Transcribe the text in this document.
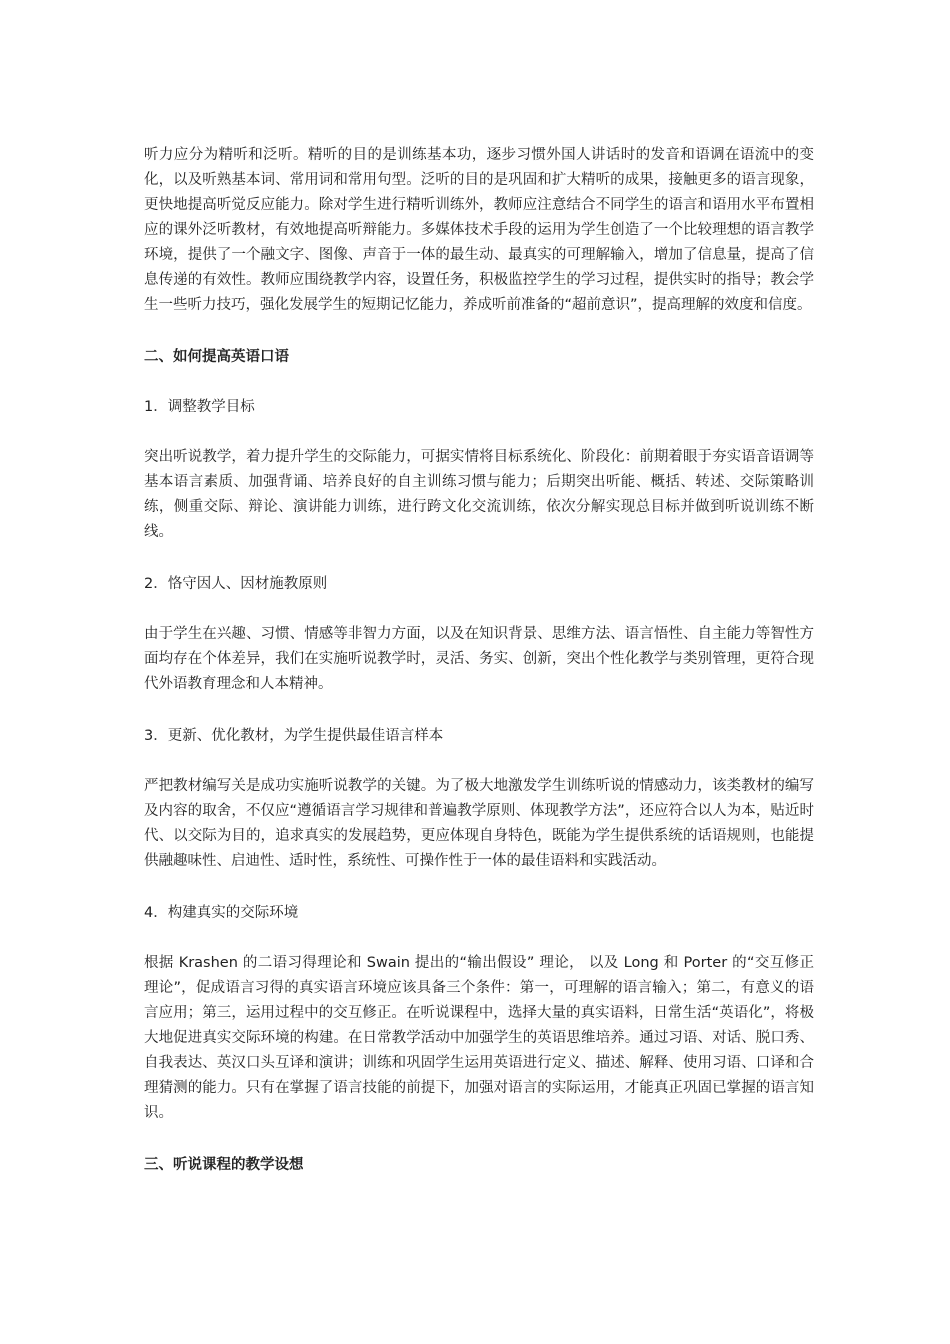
听力应分为精听和泛听。精听的目的是训练基本功，逐步习惯外国人讲话时的发音和语调在语流中的变化，以及听熟基本词、常用词和常用句型。泛听的目的是巩固和扩大精听的成果，接触更多的语言现象，更快地提高听觉反应能力。除对学生进行精听训练外，教师应注意结合不同学生的语言和语用水平布置相应的课外泛听教材，有效地提高听辩能力。多媒体技术手段的运用为学生创造了一个比较理想的语言教学环境，提供了一个融文字、图像、声音于一体的最生动、最真实的可理解输入，增加了信息量，提高了信息传递的有效性。教师应围绕教学内容，设置任务，积极监控学生的学习过程，提供实时的指导；教会学生一些听力技巧，强化发展学生的短期记忆能力，养成听前准备的“超前意识”，提高理解的效度和信度。

二、如何提高英语口语

1．调整教学目标

突出听说教学，着力提升学生的交际能力，可据实情将目标系统化、阶段化：前期着眼于夯实语音语调等基本语言素质、加强背诵、培养良好的自主训练习惯与能力；后期突出听能、概括、转述、交际策略训练，侧重交际、辩论、演讲能力训练，进行跨文化交流训练，依次分解实现总目标并做到听说训练不断线。

2．恪守因人、因材施教原则

由于学生在兴趣、习惯、情感等非智力方面，以及在知识背景、思维方法、语言悟性、自主能力等智性方面均存在个体差异，我们在实施听说教学时，灵活、务实、创新，突出个性化教学与类别管理，更符合现代外语教育理念和人本精神。

3．更新、优化教材，为学生提供最佳语言样本

严把教材编写关是成功实施听说教学的关键。为了极大地激发学生训练听说的情感动力，该类教材的编写及内容的取舍，不仅应“遵循语言学习规律和普遍教学原则、体现教学方法”，还应符合以人为本，贴近时代、以交际为目的，追求真实的发展趋势，更应体现自身特色，既能为学生提供系统的话语规则，也能提供融趣味性、启迪性、适时性，系统性、可操作性于一体的最佳语料和实践活动。

4．构建真实的交际环境

根据 Krashen 的二语习得理论和 Swain 提出的“输出假设” 理论， 以及 Long 和 Porter 的“交互修正理论”，促成语言习得的真实语言环境应该具备三个条件：第一，可理解的语言输入；第二，有意义的语言应用；第三，运用过程中的交互修正。在听说课程中，选择大量的真实语料，日常生活“英语化”，将极大地促进真实交际环境的构建。在日常教学活动中加强学生的英语思维培养。通过习语、对话、脱口秀、自我表达、英汉口头互译和演讲；训练和巩固学生运用英语进行定义、描述、解释、使用习语、口译和合理猜测的能力。只有在掌握了语言技能的前提下，加强对语言的实际运用，才能真正巩固已掌握的语言知识。

三、听说课程的教学设想
